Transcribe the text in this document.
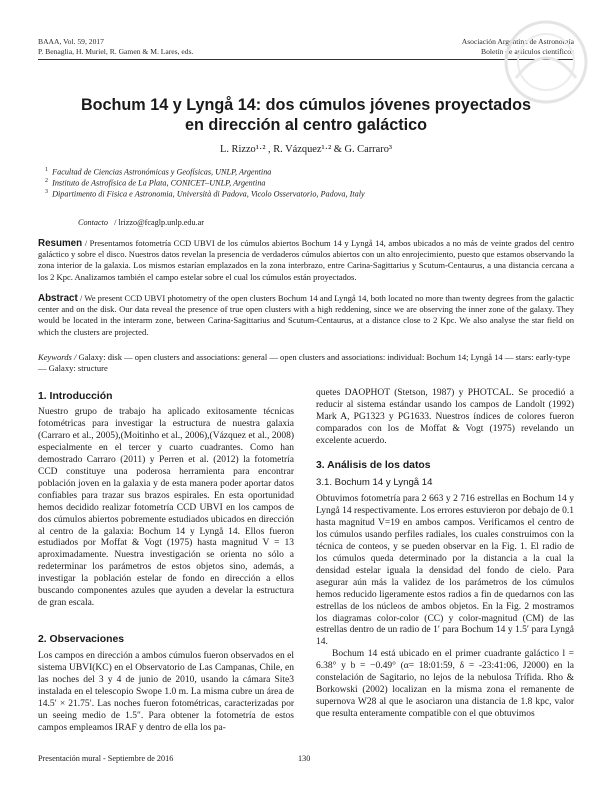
BAAA, Vol. 59, 2017
P. Benaglia, H. Muriel, R. Gamen & M. Lares, eds.
Asociación Argentina de Astronomía
Boletín de artículos científicos
Bochum 14 y Lyngå 14: dos cúmulos jóvenes proyectados
en dirección al centro galáctico
L. Rizzo¹·² , R. Vázquez¹·² & G. Carraro³
$^1$ Facultad de Ciencias Astronómicas y Geofísicas, UNLP, Argentina
$^2$ Instituto de Astrofísica de La Plata, CONICET–UNLP, Argentina
$^3$ Dipartimento di Fisica e Astronomia, Università di Padova, Vicolo Osservatorio, Padova, Italy
Contacto / lrizzo@fcaglp.unlp.edu.ar
Resumen / Presentamos fotometría CCD UBVI de los cúmulos abiertos Bochum 14 y Lyngå 14, ambos ubicados a no más de veinte grados del centro galáctico y sobre el disco. Nuestros datos revelan la presencia de verdaderos cúmulos abiertos con un alto enrojecimiento, puesto que estamos observando la zona interior de la galaxia. Los mismos estarían emplazados en la zona interbrazo, entre Carina-Sagittarius y Scutum-Centaurus, a una distancia cercana a los 2 Kpc. Analizamos también el campo estelar sobre el cual los cúmulos están proyectados.
Abstract / We present CCD UBVI photometry of the open clusters Bochum 14 and Lyngå 14, both located no more than twenty degrees from the galactic center and on the disk. Our data reveal the presence of true open clusters with a high reddening, since we are observing the inner zone of the galaxy. They would be located in the interarm zone, between Carina-Sagittarius and Scutum-Centaurus, at a distance close to 2 Kpc. We also analyse the star field on which the clusters are projected.
Keywords / Galaxy: disk — open clusters and associations: general — open clusters and associations: individual: Bochum 14; Lyngå 14 — stars: early-type — Galaxy: structure
1. Introducción

Nuestro grupo de trabajo ha aplicado exitosamente técnicas fotométricas para investigar la estructura de nuestra galaxia (Carraro et al., 2005),(Moitinho et al., 2006),(Vázquez et al., 2008) especialmente en el tercer y cuarto cuadrantes. Como han demostrado Carraro (2011) y Perren et al. (2012) la fotometría CCD constituye una poderosa herramienta para encontrar población joven en la galaxia y de esta manera poder aportar datos confiables para trazar sus brazos espirales. En esta oportunidad hemos decidido realizar fotometría CCD UBVI en los campos de dos cúmulos abiertos pobremente estudiados ubicados en dirección al centro de la galaxia: Bochum 14 y Lyngå 14. Ellos fueron estudiados por Moffat & Vogt (1975) hasta magnitud V = 13 aproximadamente. Nuestra investigación se orienta no sólo a redeterminar los parámetros de estos objetos sino, además, a investigar la población estelar de fondo en dirección a ellos buscando componentes azules que ayuden a develar la estructura de gran escala.

2. Observaciones

Los campos en dirección a ambos cúmulos fueron observados en el sistema UBVI(KC) en el Observatorio de Las Campanas, Chile, en las noches del 3 y 4 de junio de 2010, usando la cámara Site3 instalada en el telescopio Swope 1.0 m. La misma cubre un área de 14.5′ × 21.75′. Las noches fueron fotométricas, caracterizadas por un seeing medio de 1.5″. Para obtener la fotometría de estos campos empleamos IRAF y dentro de ella los pa-

quetes DAOPHOT (Stetson, 1987) y PHOTCAL. Se procedió a reducir al sistema estándar usando los campos de Landolt (1992) Mark A, PG1323 y PG1633. Nuestros índices de colores fueron comparados con los de Moffat & Vogt (1975) revelando un excelente acuerdo.

3. Análisis de los datos
3.1. Bochum 14 y Lyngå 14

Obtuvimos fotometría para 2 663 y 2 716 estrellas en Bochum 14 y Lyngå 14 respectivamente. Los errores estuvieron por debajo de 0.1 hasta magnitud V=19 en ambos campos. Verificamos el centro de los cúmulos usando perfiles radiales, los cuales construimos con la técnica de conteos, y se pueden observar en la Fig. 1. El radio de los cúmulos queda determinado por la distancia a la cual la densidad estelar iguala la densidad del fondo de cielo. Para asegurar aún más la validez de los parámetros de los cúmulos hemos reducido ligeramente estos radios a fin de quedarnos con las estrellas de los núcleos de ambos objetos. En la Fig. 2 mostramos los diagramas color-color (CC) y color-magnitud (CM) de las estrellas dentro de un radio de 1′ para Bochum 14 y 1.5′ para Lyngå 14.

Bochum 14 está ubicado en el primer cuadrante galáctico l = 6.38° y b = −0.49° (α= 18:01:59, δ = -23:41:06, J2000) en la constelación de Sagitario, no lejos de la nebulosa Trífida. Rho & Borkowski (2002) localizan en la misma zona el remanente de supernova W28 al que le asociaron una distancia de 1.8 kpc, valor que resulta enteramente compatible con el que obtuvimos

Presentación mural - Septiembre de 2016	130
